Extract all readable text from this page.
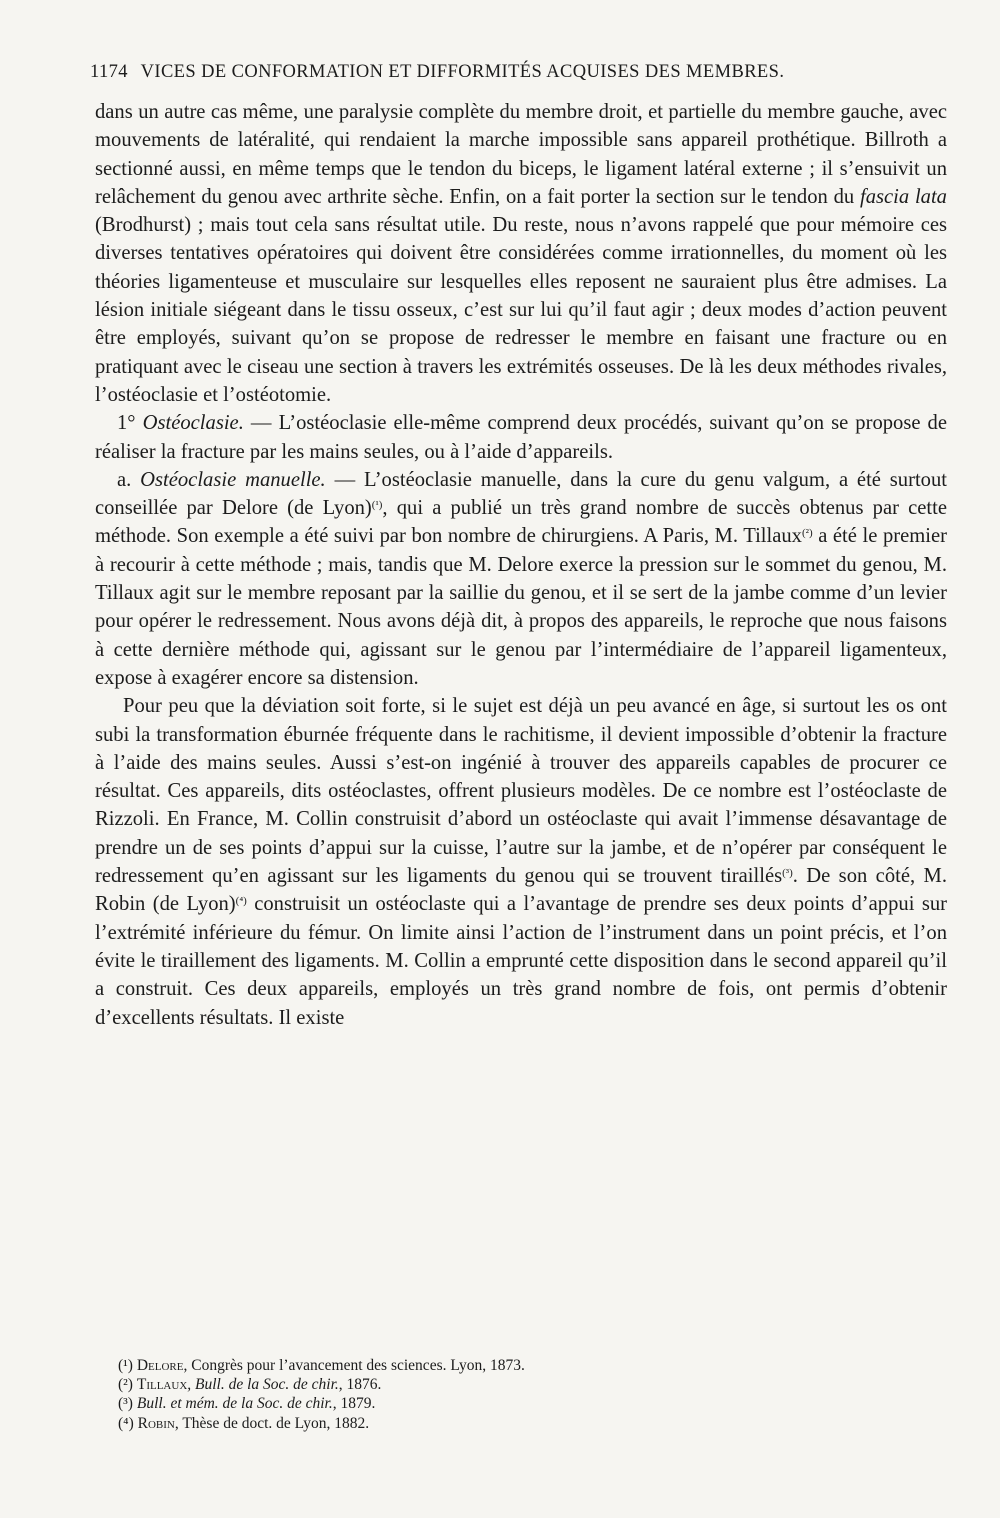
1174 VICES DE CONFORMATION ET DIFFORMITÉS ACQUISES DES MEMBRES.

dans un autre cas même, une paralysie complète du membre droit, et partielle du membre gauche, avec mouvements de latéralité, qui rendaient la marche impossible sans appareil prothétique. Billroth a sectionné aussi, en même temps que le tendon du biceps, le ligament latéral externe ; il s’ensuivit un relâchement du genou avec arthrite sèche. Enfin, on a fait porter la section sur le tendon du fascia lata (Brodhurst) ; mais tout cela sans résultat utile. Du reste, nous n’avons rappelé que pour mémoire ces diverses tentatives opératoires qui doivent être considérées comme irrationnelles, du moment où les théories ligamenteuse et musculaire sur lesquelles elles reposent ne sauraient plus être admises. La lésion initiale siégeant dans le tissu osseux, c’est sur lui qu’il faut agir ; deux modes d’action peuvent être employés, suivant qu’on se propose de redresser le membre en faisant une fracture ou en pratiquant avec le ciseau une section à travers les extrémités osseuses. De là les deux méthodes rivales, l’ostéoclasie et l’ostéotomie.

1° Ostéoclasie. — L’ostéoclasie elle-même comprend deux procédés, suivant qu’on se propose de réaliser la fracture par les mains seules, ou à l’aide d’appareils.

a. Ostéoclasie manuelle. — L’ostéoclasie manuelle, dans la cure du genu valgum, a été surtout conseillée par Delore (de Lyon)$^{(^1)}$, qui a publié un très grand nombre de succès obtenus par cette méthode. Son exemple a été suivi par bon nombre de chirurgiens. A Paris, M. Tillaux$^{(^2)}$ a été le premier à recourir à cette méthode ; mais, tandis que M. Delore exerce la pression sur le sommet du genou, M. Tillaux agit sur le membre reposant par la saillie du genou, et il se sert de la jambe comme d’un levier pour opérer le redressement. Nous avons déjà dit, à propos des appareils, le reproche que nous faisons à cette dernière méthode qui, agissant sur le genou par l’intermédiaire de l’appareil ligamenteux, expose à exagérer encore sa distension.

Pour peu que la déviation soit forte, si le sujet est déjà un peu avancé en âge, si surtout les os ont subi la transformation éburnée fréquente dans le rachitisme, il devient impossible d’obtenir la fracture à l’aide des mains seules. Aussi s’est-on ingénié à trouver des appareils capables de procurer ce résultat. Ces appareils, dits ostéoclastes, offrent plusieurs modèles. De ce nombre est l’ostéoclaste de Rizzoli. En France, M. Collin construisit d’abord un ostéoclaste qui avait l’immense désavantage de prendre un de ses points d’appui sur la cuisse, l’autre sur la jambe, et de n’opérer par conséquent le redressement qu’en agissant sur les ligaments du genou qui se trouvent tiraillés$^{(^3)}$. De son côté, M. Robin (de Lyon)$^{(^4)}$ construisit un ostéoclaste qui a l’avantage de prendre ses deux points d’appui sur l’extrémité inférieure du fémur. On limite ainsi l’action de l’instrument dans un point précis, et l’on évite le tiraillement des ligaments. M. Collin a emprunté cette disposition dans le second appareil qu’il a construit. Ces deux appareils, employés un très grand nombre de fois, ont permis d’obtenir d’excellents résultats. Il existe

(¹) Delore, Congrès pour l’avancement des sciences. Lyon, 1873.
(²) Tillaux, Bull. de la Soc. de chir., 1876.
(³) Bull. et mém. de la Soc. de chir., 1879.
(⁴) Robin, Thèse de doct. de Lyon, 1882.
